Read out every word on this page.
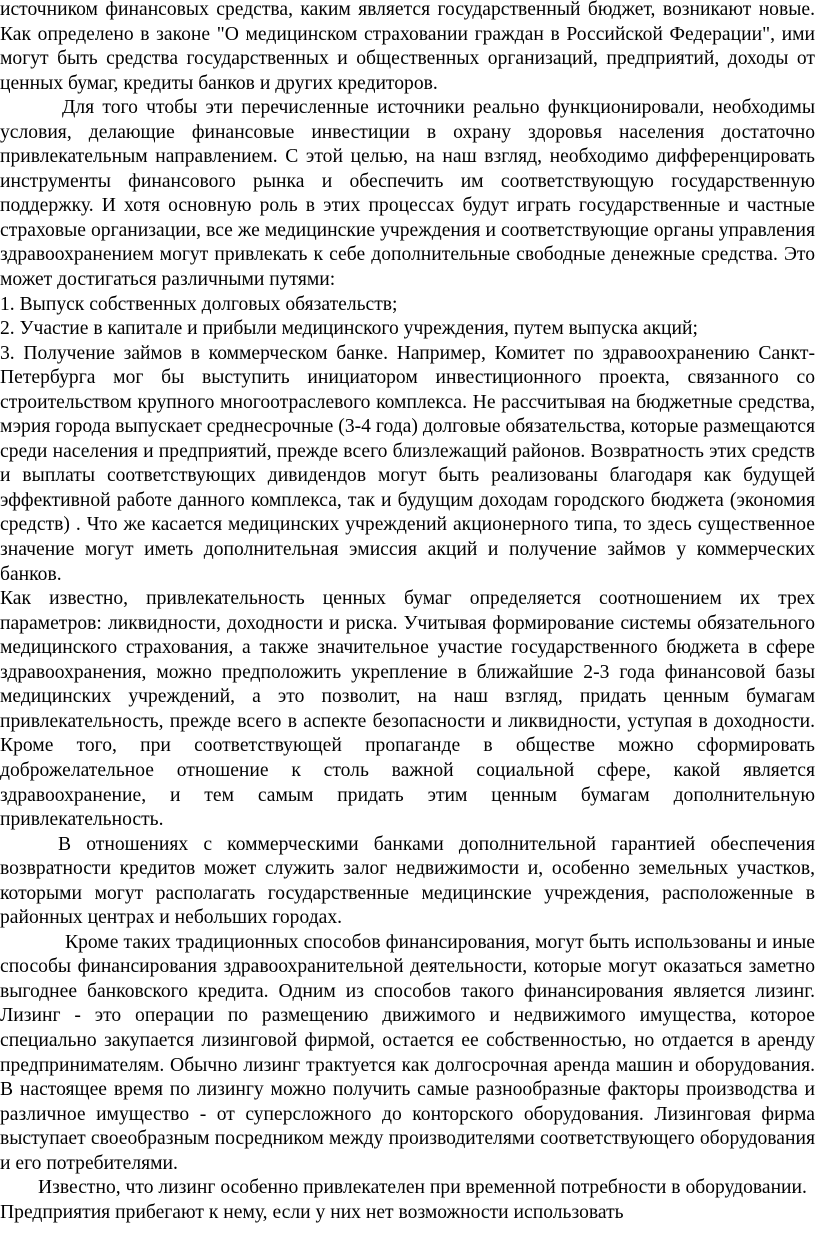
источником финансовых средства, каким является государственный бюджет, возникают новые. Как определено в законе "О медицинском страховании граждан в Российской Федерации", ими могут быть средства государственных и общественных организаций, предприятий, доходы от ценных бумаг, кредиты банков и других кредиторов.

Для того чтобы эти перечисленные источники реально функционировали, необходимы условия, делающие финансовые инвестиции в охрану здоровья населения достаточно привлекательным направлением. С этой целью, на наш взгляд, необходимо дифференцировать инструменты финансового рынка и обеспечить им соответствующую государственную поддержку. И хотя основную роль в этих процессах будут играть государственные и частные страховые организации, все же медицинские учреждения и соответствующие органы управления здравоохранением могут привлекать к себе дополнительные свободные денежные средства. Это может достигаться различными путями:

1. Выпуск собственных долговых обязательств;

2. Участие в капитале и прибыли медицинского учреждения, путем выпуска акций;

3. Получение займов в коммерческом банке. Например, Комитет по здравоохранению Санкт-Петербурга мог бы выступить инициатором инвестиционного проекта, связанного со строительством крупного многоотраслевого комплекса. Не рассчитывая на бюджетные средства, мэрия города выпускает среднесрочные (3-4 года) долговые обязательства, которые размещаются среди населения и предприятий, прежде всего близлежащий районов. Возвратность этих средств и выплаты соответствующих дивидендов могут быть реализованы благодаря как будущей эффективной работе данного комплекса, так и будущим доходам городского бюджета (экономия средств) . Что же касается медицинских учреждений акционерного типа, то здесь существенное значение могут иметь дополнительная эмиссия акций и получение займов у коммерческих банков.

Как известно, привлекательность ценных бумаг определяется соотношением их трех параметров: ликвидности, доходности и риска. Учитывая формирование системы обязательного медицинского страхования, а также значительное участие государственного бюджета в сфере здравоохранения, можно предположить укрепление в ближайшие 2-3 года финансовой базы медицинских учреждений, а это позволит, на наш взгляд, придать ценным бумагам привлекательность, прежде всего в аспекте безопасности и ликвидности, уступая в доходности. Кроме того, при соответствующей пропаганде в обществе можно сформировать доброжелательное отношение к столь важной социальной сфере, какой является здравоохранение, и тем самым придать этим ценным бумагам дополнительную привлекательность.

В отношениях с коммерческими банками дополнительной гарантией обеспечения возвратности кредитов может служить залог недвижимости и, особенно земельных участков, которыми могут располагать государственные медицинские учреждения, расположенные в районных центрах и небольших городах.

Кроме таких традиционных способов финансирования, могут быть использованы и иные способы финансирования здравоохранительной деятельности, которые могут оказаться заметно выгоднее банковского кредита. Одним из способов такого финансирования является лизинг. Лизинг - это операции по размещению движимого и недвижимого имущества, которое специально закупается лизинговой фирмой, остается ее собственностью, но отдается в аренду предпринимателям. Обычно лизинг трактуется как долгосрочная аренда машин и оборудования. В настоящее время по лизингу можно получить самые разнообразные факторы производства и различное имущество - от суперсложного до конторского оборудования. Лизинговая фирма выступает своеобразным посредником между производителями соответствующего оборудования и его потребителями.

Известно, что лизинг особенно привлекателен при временной потребности в оборудовании. Предприятия прибегают к нему, если у них нет возможности использовать
